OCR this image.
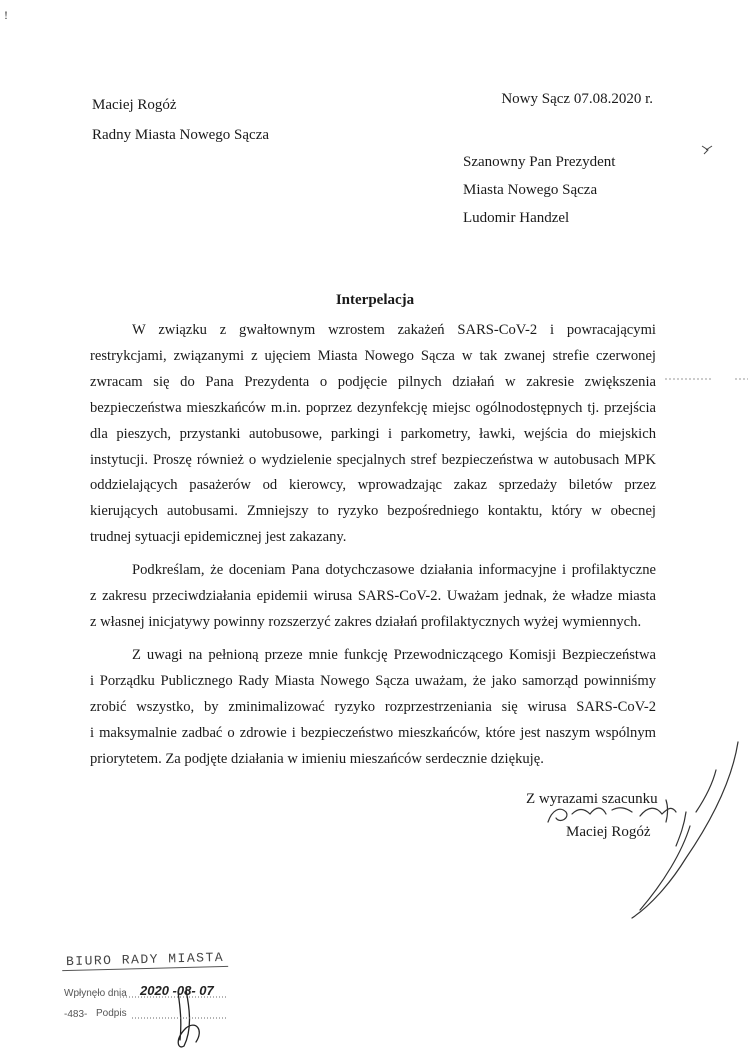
!
Maciej Rogóż
Radny Miasta Nowego Sącza
Nowy Sącz 07.08.2020 r.
Szanowny Pan Prezydent
Miasta Nowego Sącza
Ludomir Handzel
Interpelacja
W związku z gwałtownym wzrostem zakażeń SARS-CoV-2 i powracającymi
restrykcjami, związanymi z ujęciem Miasta Nowego Sącza w tak zwanej strefie czerwonej
zwracam się do Pana Prezydenta o podjęcie pilnych działań w zakresie zwiększenia
bezpieczeństwa mieszkańców m.in. poprzez dezynfekcję miejsc ogólnodostępnych tj. przejścia
dla pieszych, przystanki autobusowe, parkingi i parkometry, ławki, wejścia do miejskich
instytucji. Proszę również o wydzielenie specjalnych stref bezpieczeństwa w autobusach MPK
oddzielających pasażerów od kierowcy, wprowadzając zakaz sprzedaży biletów przez
kierujących autobusami. Zmniejszy to ryzyko bezpośredniego kontaktu, który w obecnej
trudnej sytuacji epidemicznej jest zakazany.
Podkreślam, że doceniam Pana dotychczasowe działania informacyjne i profilaktyczne
z zakresu przeciwdziałania epidemii wirusa SARS-CoV-2. Uważam jednak, że władze miasta
z własnej inicjatywy powinny rozszerzyć zakres działań profilaktycznych wyżej wymiennych.
Z uwagi na pełnioną przeze mnie funkcję Przewodniczącego Komisji Bezpieczeństwa
i Porządku Publicznego Rady Miasta Nowego Sącza uważam, że jako samorząd powinniśmy
zrobić wszystko, by zminimalizować ryzyko rozprzestrzeniania się wirusa SARS-CoV-2
i maksymalnie zadbać o zdrowie i bezpieczeństwo mieszkańców, które jest naszym wspólnym
priorytetem. Za podjęte działania w imieniu mieszańców serdecznie dziękuję.
Z wyrazami szacunku
Maciej Rogóż
BIURO RADY MIASTA
Wpłynęło dnia 2020 -08- 07
-483- Podpis
